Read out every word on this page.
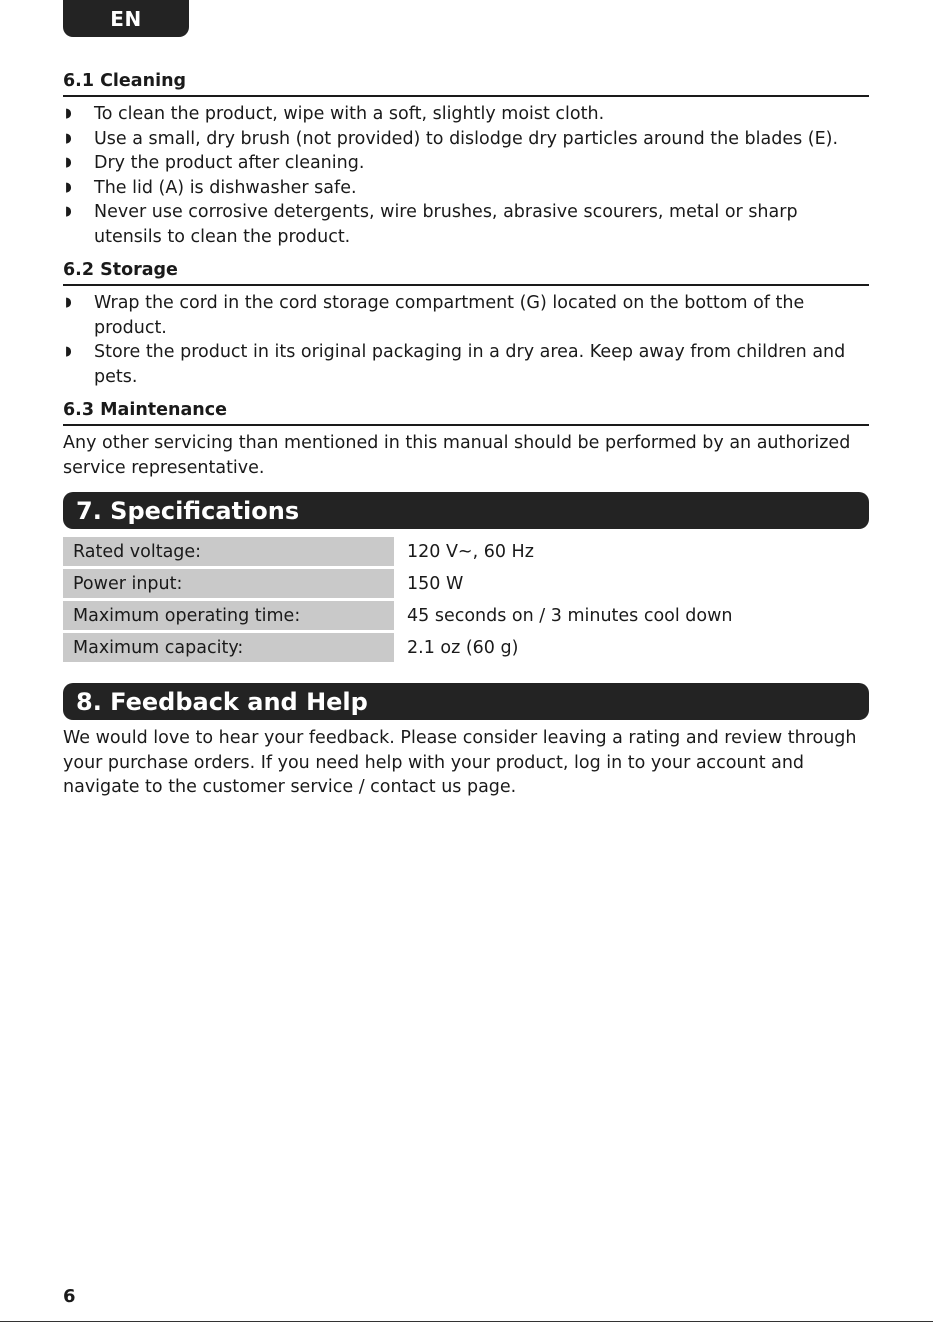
EN
6.1 Cleaning
◗ To clean the product, wipe with a soft, slightly moist cloth.
◗ Use a small, dry brush (not provided) to dislodge dry particles around the blades (E).
◗ Dry the product after cleaning.
◗ The lid (A) is dishwasher safe.
◗ Never use corrosive detergents, wire brushes, abrasive scourers, metal or sharp utensils to clean the product.
6.2 Storage
◗ Wrap the cord in the cord storage compartment (G) located on the bottom of the product.
◗ Store the product in its original packaging in a dry area. Keep away from children and pets.
6.3 Maintenance

Any other servicing than mentioned in this manual should be performed by an authorized service representative.

7. Specifications
Rated voltage:	120 V~, 60 Hz
Power input:	150 W
Maximum operating time:	45 seconds on / 3 minutes cool down
Maximum capacity:	2.1 oz (60 g)
8. Feedback and Help

We would love to hear your feedback. Please consider leaving a rating and review through your purchase orders. If you need help with your product, log in to your account and navigate to the customer service / contact us page.

6
